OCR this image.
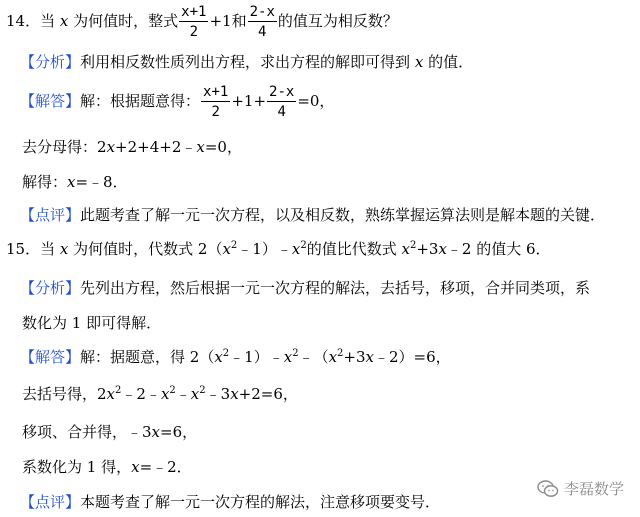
14．当 x 为何值时，整式 $\frac{x+1}{2} +1$和 $\frac{2-x}{4}$ 的值互为相反数？
【分析】利用相反数性质列出方程，求出方程的解即可得到 x 的值．
【解答】解：根据题意得： $\frac{x+1}{2} +1+ \frac{2-x}{4} =0$，
去分母得：2x+2+4+2﹣x=0，
解得：x=﹣8．
【点评】此题考查了解一元一次方程，以及相反数，熟练掌握运算法则是解本题的关键．
15．当 x 为何值时，代数式 $2(x^2﹣1)﹣x^2$的值比代数式 $x^2+3x﹣2$ 的值大 6．
【分析】先列出方程，然后根据一元一次方程的解法，去括号，移项，合并同类项，系
数化为 1 即可得解．
【解答】解：据题意，得 $2(x^2﹣1)﹣x^2﹣(x^2+3x﹣2)=6$，
去括号得，$2x^2﹣2﹣x^2﹣x^2﹣3x+2=6$，
移项、合并得，﹣3x=6，
系数化为 1 得，x=﹣2．
【点评】本题考查了解一元一次方程的解法，注意移项要变号．
李磊数学
